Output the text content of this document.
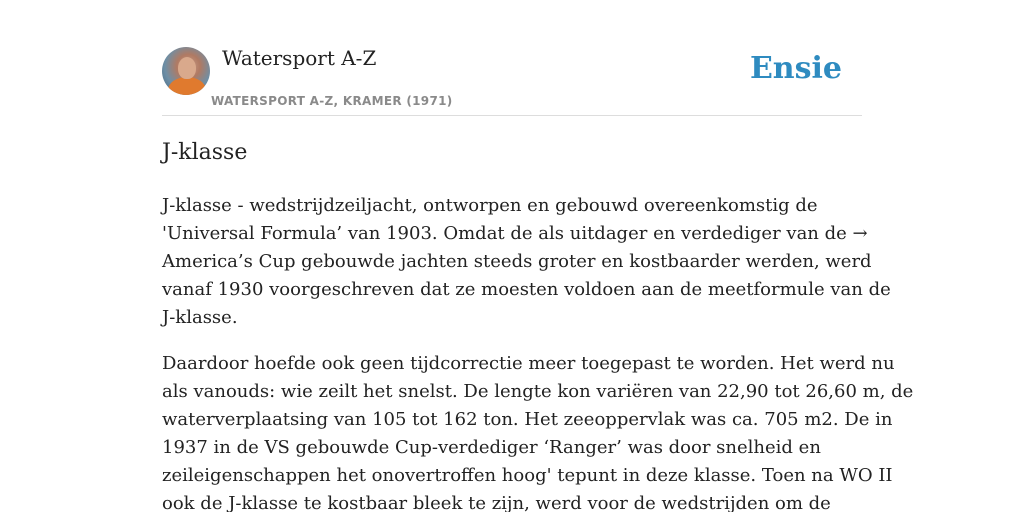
Watersport A-Z	Ensie
WATERSPORT A-Z, KRAMER (1971)
J-klasse

J-klasse - wedstrijdzeiljacht, ontworpen en gebouwd overeenkomstig de
'Universal Formula’ van 1903. Omdat de als uitdager en verdediger van de →
America’s Cup gebouwde jachten steeds groter en kostbaarder werden, werd
vanaf 1930 voorgeschreven dat ze moesten voldoen aan de meetformule van de
J-klasse.

Daardoor hoefde ook geen tijdcorrectie meer toegepast te worden. Het werd nu
als vanouds: wie zeilt het snelst. De lengte kon variëren van 22,90 tot 26,60 m, de
waterverplaatsing van 105 tot 162 ton. Het zeeoppervlak was ca. 705 m2. De in
1937 in de VS gebouwde Cup-verdediger ‘Ranger’ was door snelheid en
zeileigenschappen het onovertroffen hoog' tepunt in deze klasse. Toen na WO II
ook de J-klasse te kostbaar bleek te zijn, werd voor de wedstrijden om de
